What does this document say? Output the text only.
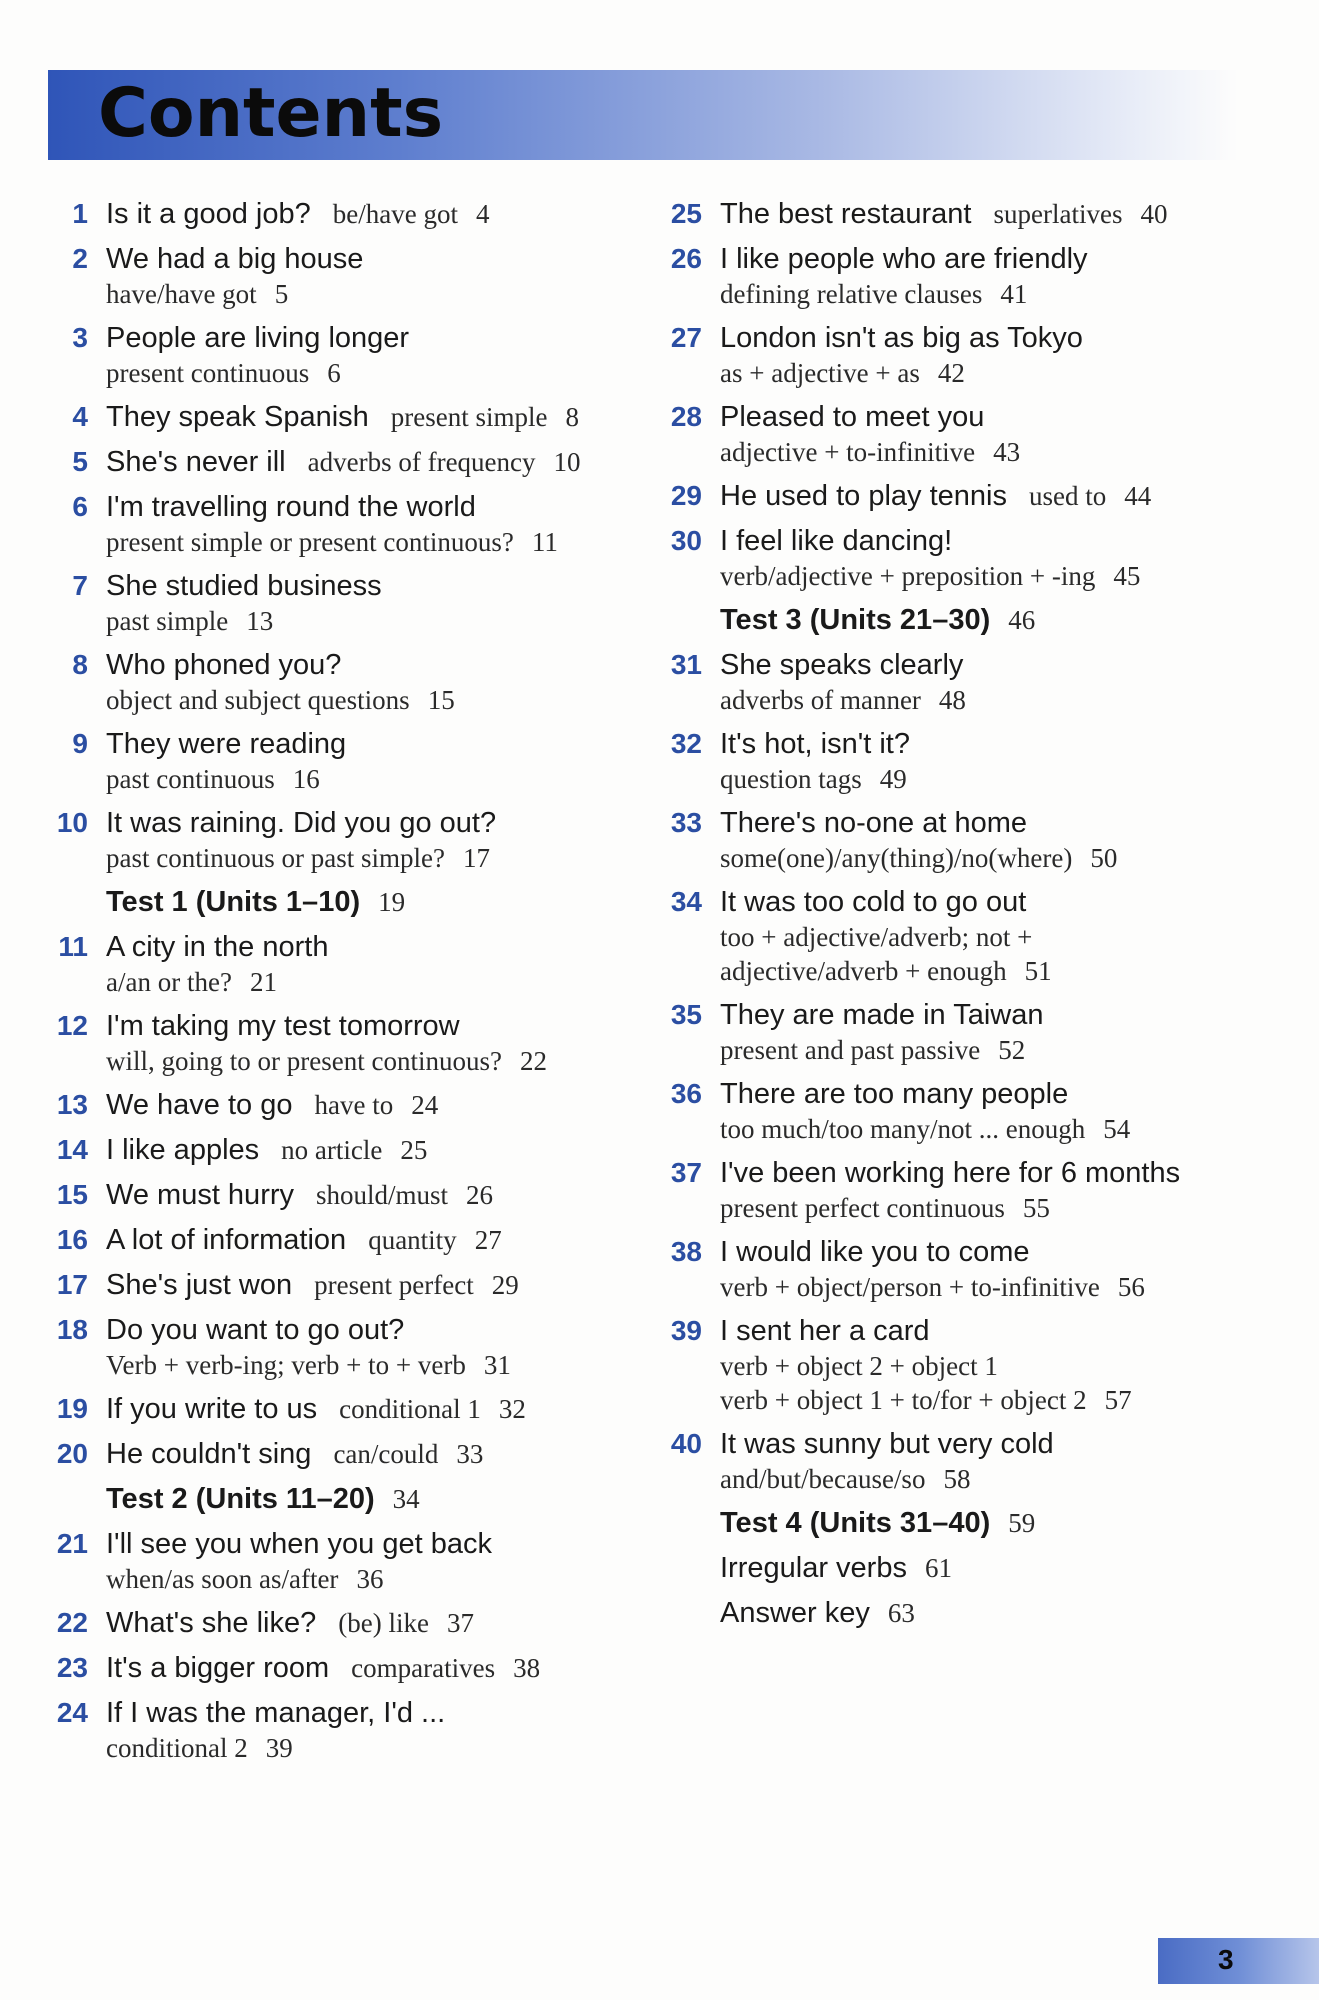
Contents
1 Is it a good job? be/have got 4
2 We had a big house
have/have got 5
3 People are living longer
present continuous 6
4 They speak Spanish present simple 8
5 She's never ill adverbs of frequency 10
6 I'm travelling round the world
present simple or present continuous? 11
7 She studied business
past simple 13
8 Who phoned you?
object and subject questions 15
9 They were reading
past continuous 16
10 It was raining. Did you go out?
past continuous or past simple? 17
Test 1 (Units 1–10) 19
11 A city in the north
a/an or the? 21
12 I'm taking my test tomorrow
will, going to or present continuous? 22
13 We have to go have to 24
14 I like apples no article 25
15 We must hurry should/must 26
16 A lot of information quantity 27
17 She's just won present perfect 29
18 Do you want to go out?
Verb + verb-ing; verb + to + verb 31
19 If you write to us conditional 1 32
20 He couldn't sing can/could 33
Test 2 (Units 11–20) 34
21 I'll see you when you get back
when/as soon as/after 36
22 What's she like? (be) like 37
23 It's a bigger room comparatives 38
24 If I was the manager, I'd ...
conditional 2 39
25 The best restaurant superlatives 40
26 I like people who are friendly
defining relative clauses 41
27 London isn't as big as Tokyo
as + adjective + as 42
28 Pleased to meet you
adjective + to-infinitive 43
29 He used to play tennis used to 44
30 I feel like dancing!
verb/adjective + preposition + -ing 45
Test 3 (Units 21–30) 46
31 She speaks clearly
adverbs of manner 48
32 It's hot, isn't it?
question tags 49
33 There's no-one at home
some(one)/any(thing)/no(where) 50
34 It was too cold to go out
too + adjective/adverb; not +
adjective/adverb + enough 51
35 They are made in Taiwan
present and past passive 52
36 There are too many people
too much/too many/not ... enough 54
37 I've been working here for 6 months
present perfect continuous 55
38 I would like you to come
verb + object/person + to-infinitive 56
39 I sent her a card
verb + object 2 + object 1
verb + object 1 + to/for + object 2 57
40 It was sunny but very cold
and/but/because/so 58
Test 4 (Units 31–40) 59
Irregular verbs 61
Answer key 63
3
